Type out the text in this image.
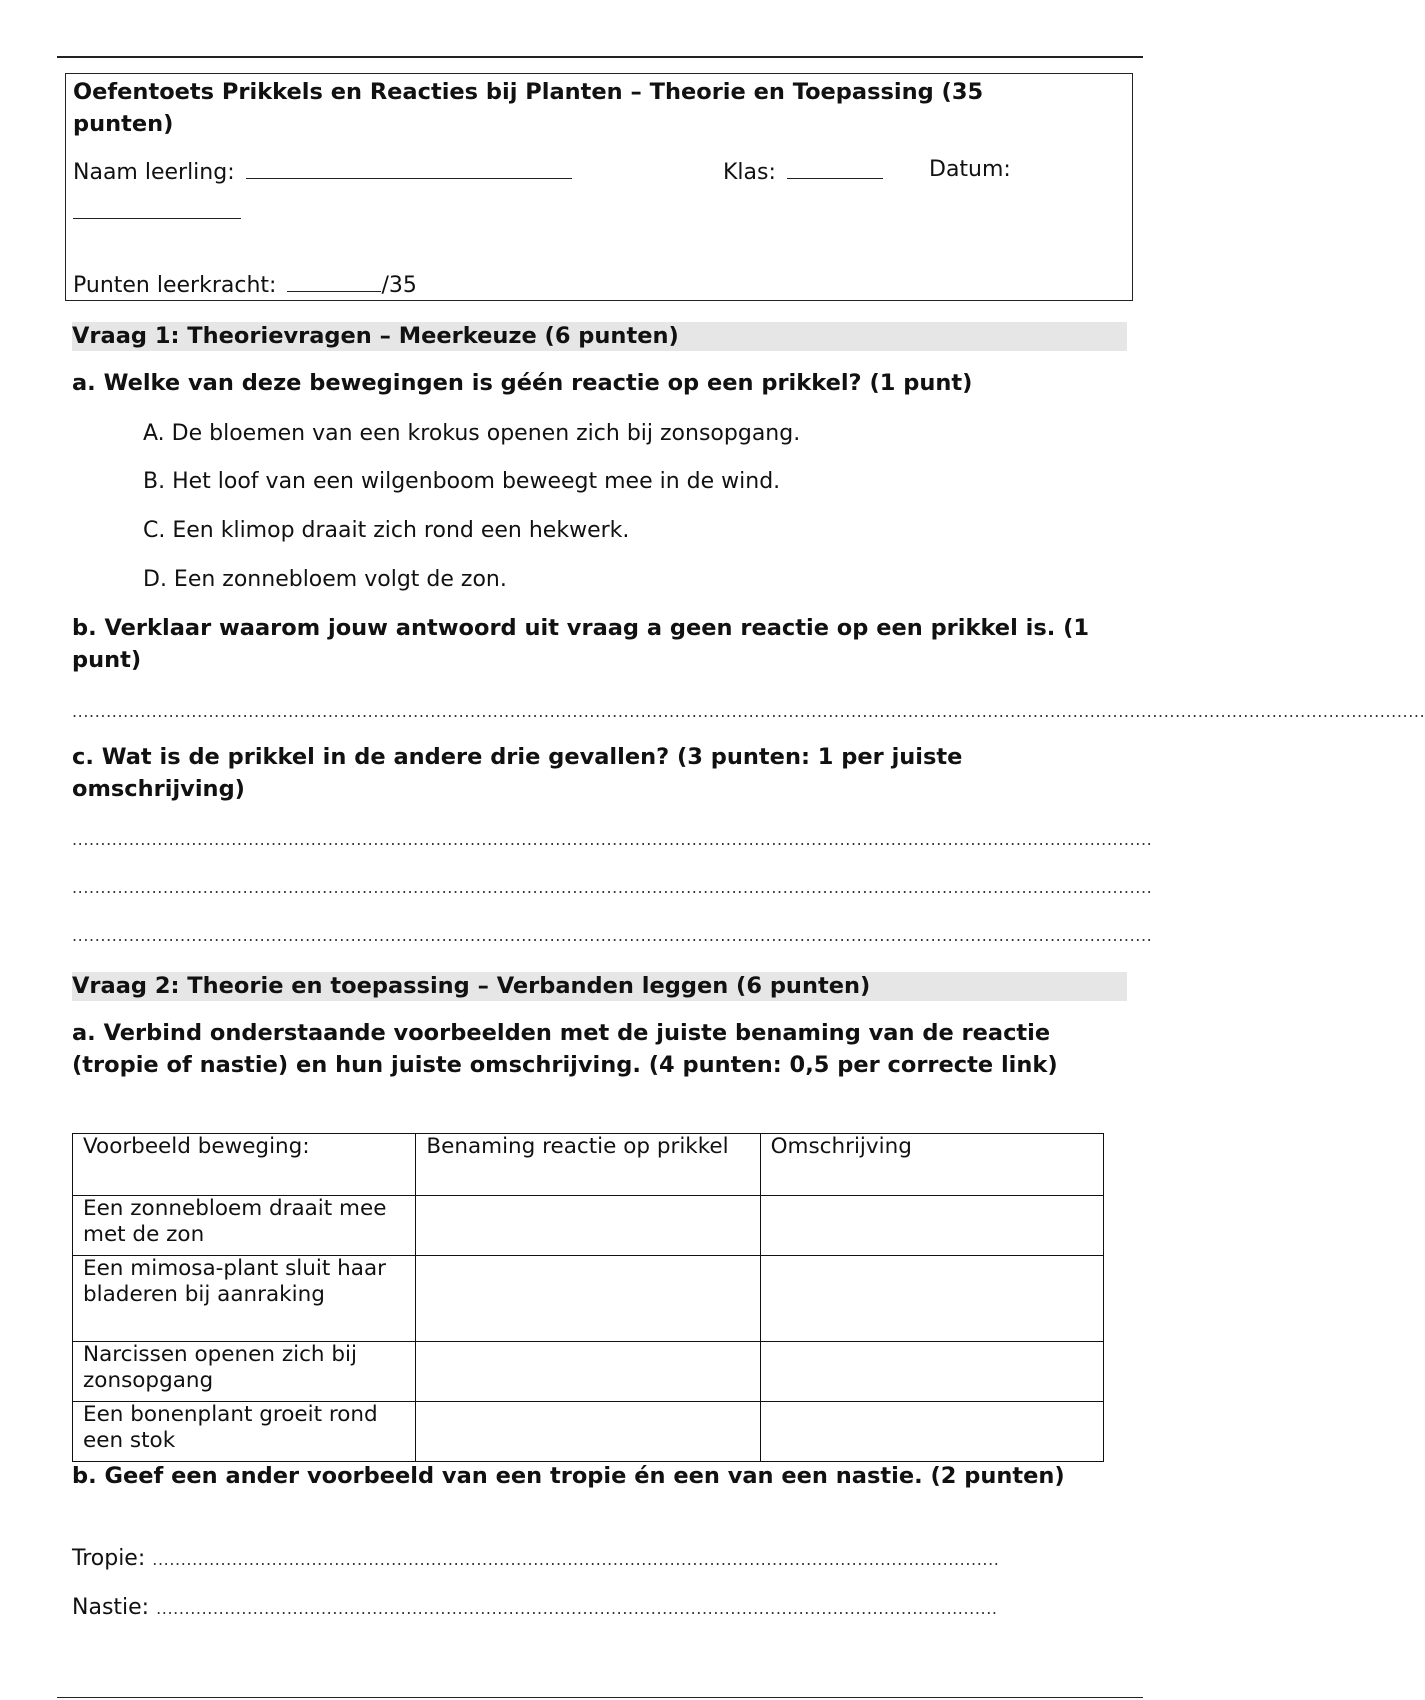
Oefentoets Prikkels en Reacties bij Planten – Theorie en Toepassing (35 punten)
Naam leerling:	Klas:	Datum:
Punten leerkracht:	/35
Vraag 1: Theorievragen – Meerkeuze (6 punten)
a. Welke van deze bewegingen is géén reactie op een prikkel? (1 punt)
A. De bloemen van een krokus openen zich bij zonsopgang.
B. Het loof van een wilgenboom beweegt mee in de wind.
C. Een klimop draait zich rond een hekwerk.
D. Een zonnebloem volgt de zon.
b. Verklaar waarom jouw antwoord uit vraag a geen reactie op een prikkel is. (1 punt)
..............................................................................................................................................................................................................................................
c. Wat is de prikkel in de andere drie gevallen? (3 punten: 1 per juiste omschrijving)
..............................................................................................................................................................................................
..............................................................................................................................................................................................
..............................................................................................................................................................................................
Vraag 2: Theorie en toepassing – Verbanden leggen (6 punten)
a. Verbind onderstaande voorbeelden met de juiste benaming van de reactie (tropie of nastie) en hun juiste omschrijving. (4 punten: 0,5 per correcte link)
Voorbeeld beweging:	Benaming reactie op prikkel	Omschrijving
Een zonnebloem draait mee met de zon		
Een mimosa-plant sluit haar bladeren bij aanraking		
Narcissen openen zich bij zonsopgang		
Een bonenplant groeit rond een stok		
b. Geef een ander voorbeeld van een tropie én een van een nastie. (2 punten)
Tropie: .....................................................................................................................................................
Nastie: ....................................................................................................................................................
